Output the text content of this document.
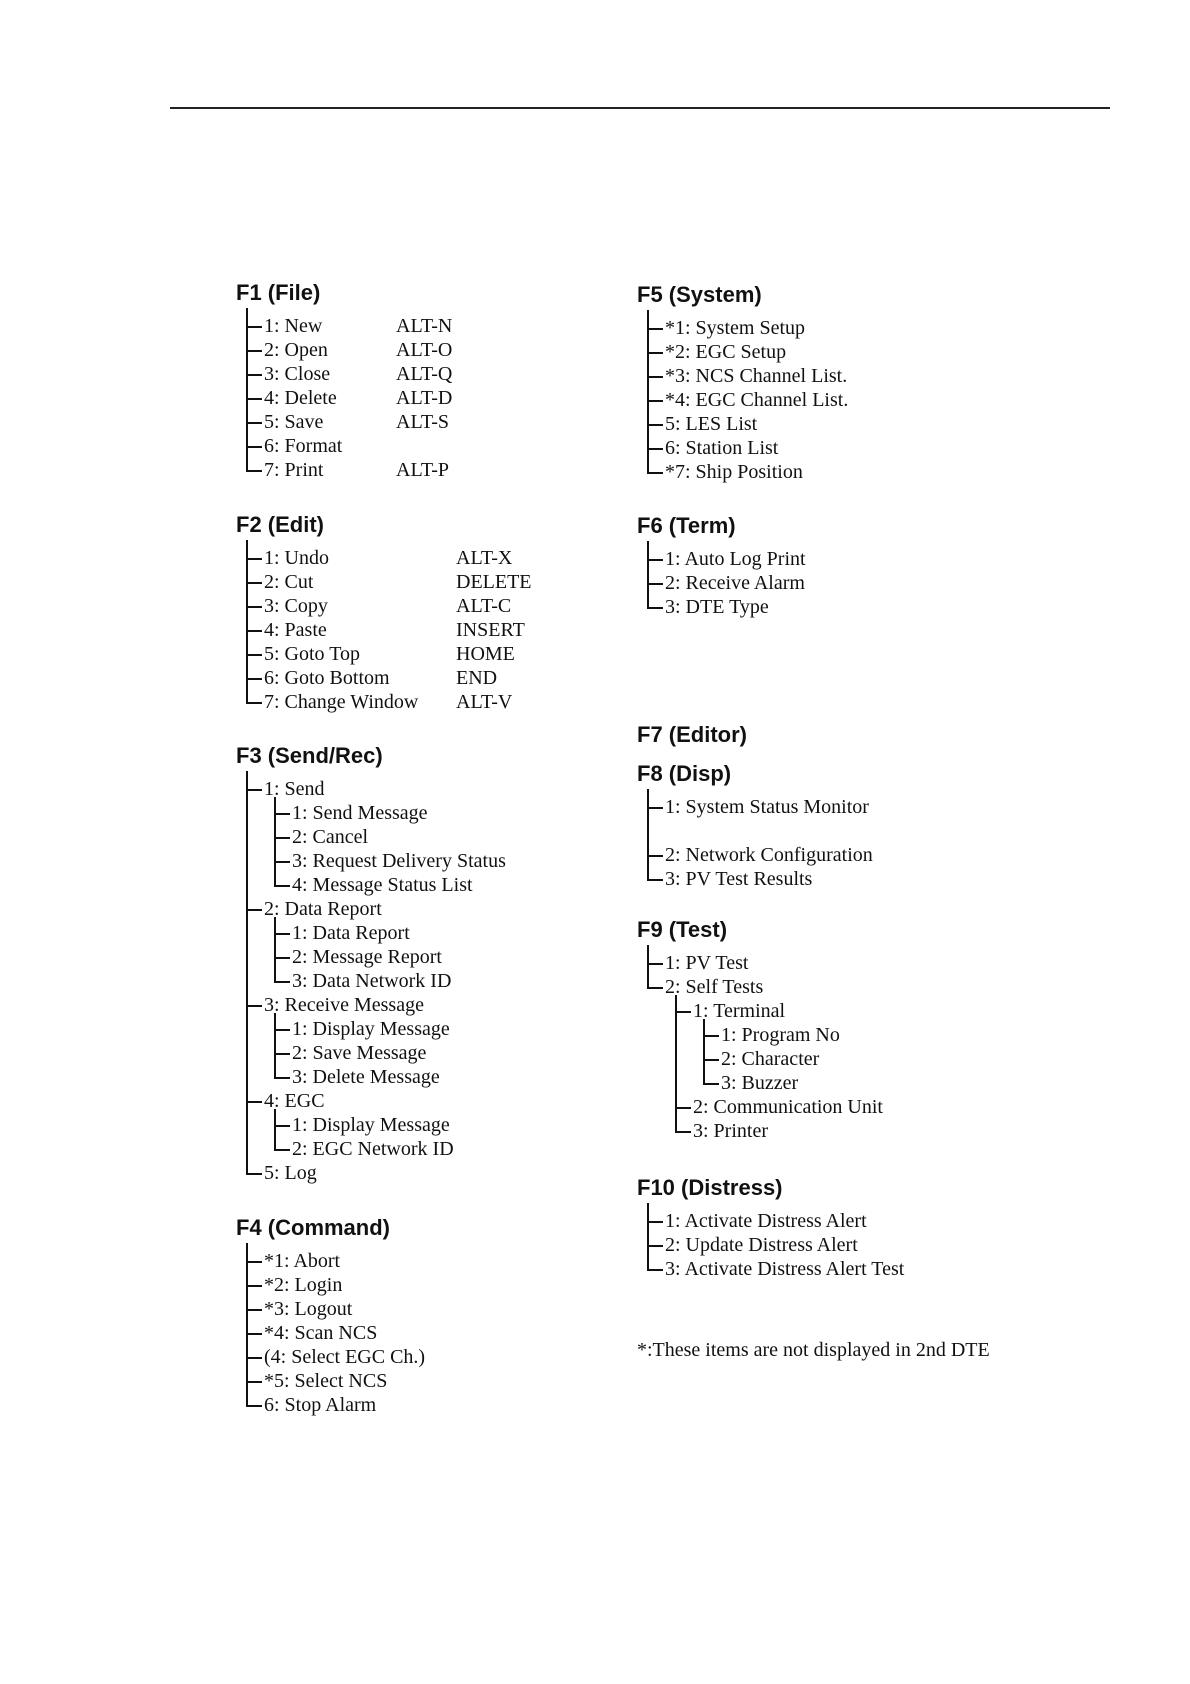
F1 (File)
1: New	ALT-N
2: Open	ALT-O
3: Close	ALT-Q
4: Delete	ALT-D
5: Save	ALT-S
6: Format
7: Print	ALT-P
F2 (Edit)
1: Undo	ALT-X
2: Cut	DELETE
3: Copy	ALT-C
4: Paste	INSERT
5: Goto Top	HOME
6: Goto Bottom	END
7: Change Window ALT-V
F3 (Send/Rec)
1: Send
1: Send Message
2: Cancel
3: Request Delivery Status
4: Message Status List
2: Data Report
1: Data Report
2: Message Report
3: Data Network ID
3: Receive Message
1: Display Message
2: Save Message
3: Delete Message
4: EGC
1: Display Message
2: EGC Network ID
5: Log
F4 (Command)
*1: Abort
*2: Login
*3: Logout
*4: Scan NCS
(4: Select EGC Ch.)
*5: Select NCS
6: Stop Alarm
F5 (System)
*1: System Setup
*2: EGC Setup
*3: NCS Channel List.
*4: EGC Channel List.
5: LES List
6: Station List
*7: Ship Position
F6 (Term)
1: Auto Log Print
2: Receive Alarm
3: DTE Type
F7 (Editor)
F8 (Disp)
1: System Status Monitor
2: Network Configuration
3: PV Test Results
F9 (Test)
1: PV Test
2: Self Tests
1: Terminal
1: Program No
2: Character
3: Buzzer
2: Communication Unit
3: Printer
F10 (Distress)
1: Activate Distress Alert
2: Update Distress Alert
3: Activate Distress Alert Test
*:These items are not displayed in 2nd DTE
